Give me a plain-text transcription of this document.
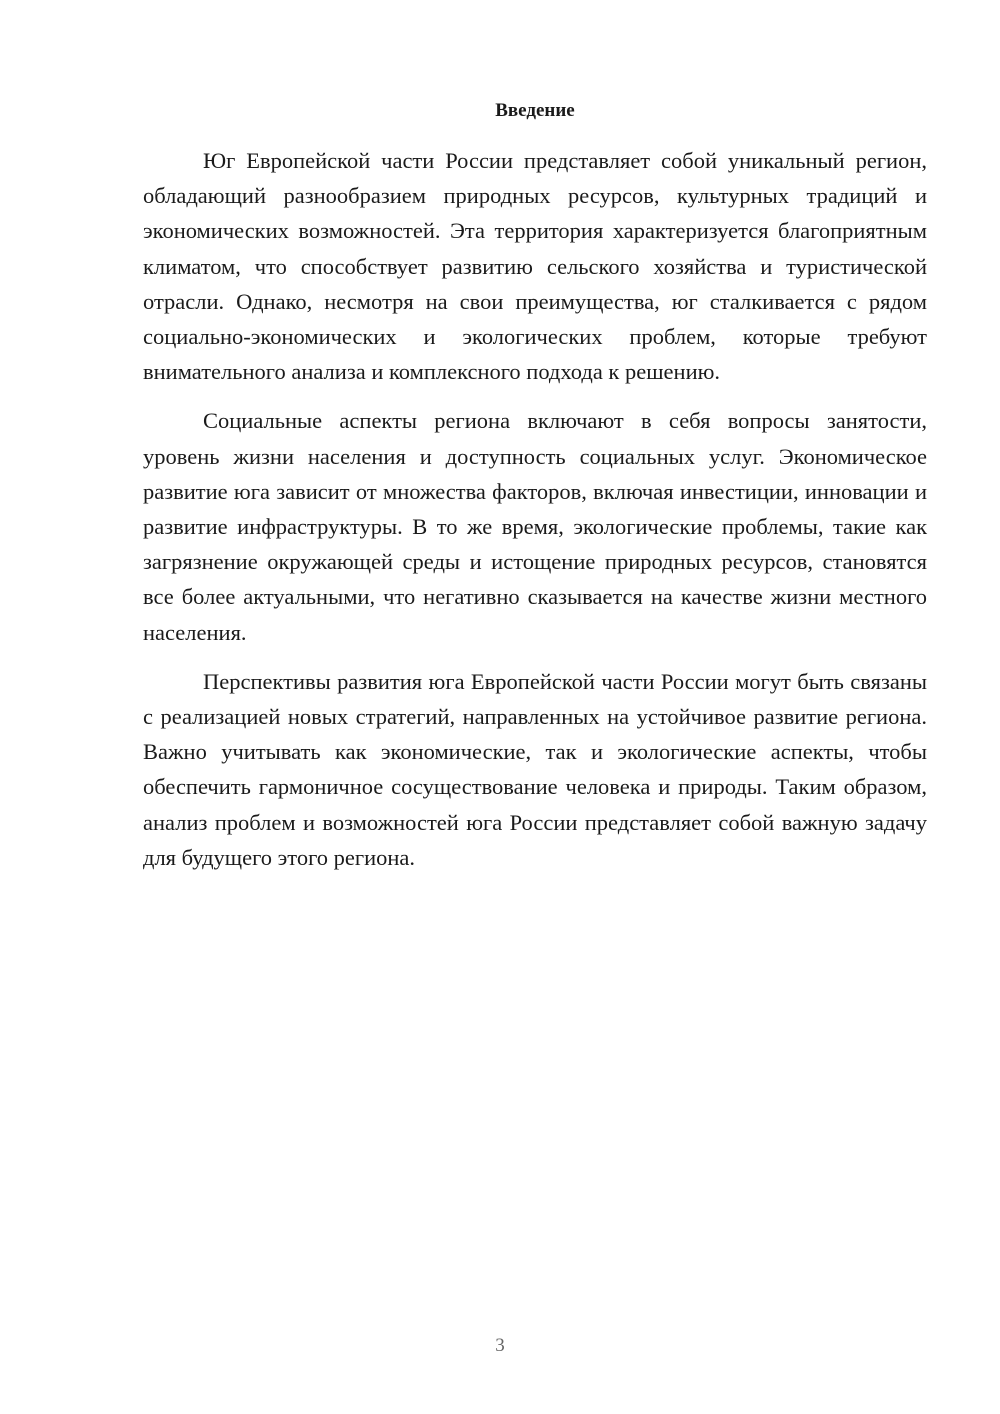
Введение

Юг Европейской части России представляет собой уникальный регион, обладающий разнообразием природных ресурсов, культурных традиций и экономических возможностей. Эта территория характеризуется благоприятным климатом, что способствует развитию сельского хозяйства и туристической отрасли. Однако, несмотря на свои преимущества, юг сталкивается с рядом социально-экономических и экологических проблем, которые требуют внимательного анализа и комплексного подхода к решению.

Социальные аспекты региона включают в себя вопросы занятости, уровень жизни населения и доступность социальных услуг. Экономическое развитие юга зависит от множества факторов, включая инвестиции, инновации и развитие инфраструктуры. В то же время, экологические проблемы, такие как загрязнение окружающей среды и истощение природных ресурсов, становятся все более актуальными, что негативно сказывается на качестве жизни местного населения.

Перспективы развития юга Европейской части России могут быть связаны с реализацией новых стратегий, направленных на устойчивое развитие региона. Важно учитывать как экономические, так и экологические аспекты, чтобы обеспечить гармоничное сосуществование человека и природы. Таким образом, анализ проблем и возможностей юга России представляет собой важную задачу для будущего этого региона.

3
